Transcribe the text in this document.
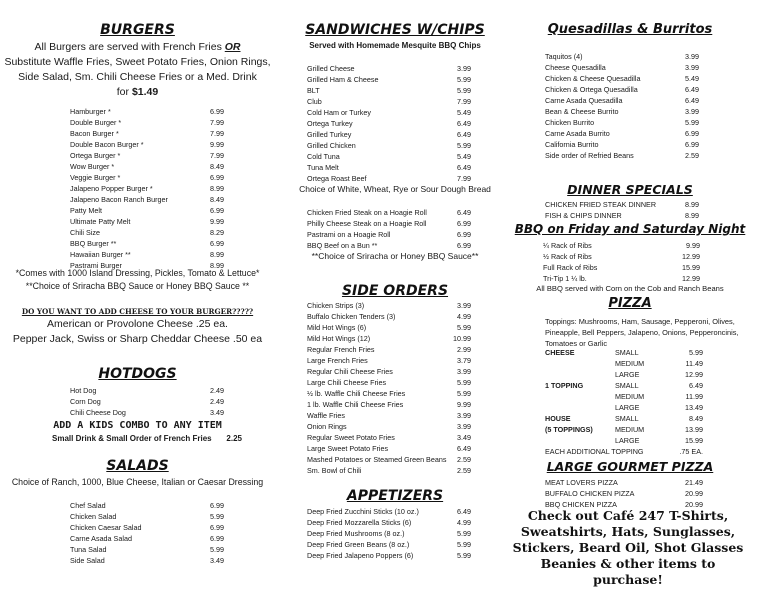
BURGERS
All Burgers are served with French Fries OR
Substitute Waffle Fries, Sweet Potato Fries, Onion Rings,
Side Salad, Sm. Chili Cheese Fries or a Med. Drink
for $1.49
Hamburger *	6.99
Double Burger *	7.99
Bacon Burger *	7.99
Double Bacon Burger *	9.99
Ortega Burger *	7.99
Wow Burger *	8.49
Veggie Burger *	6.99
Jalapeno Popper Burger *	8.99
Jalapeno Bacon Ranch Burger	8.49
Patty Melt	6.99
Ultimate Patty Melt	9.99
Chili Size	8.29
BBQ Burger **	6.99
Hawaiian Burger **	8.99
Pastrami Burger	8.99
*Comes with 1000 Island Dressing, Pickles, Tomato & Lettuce*
**Choice of Sriracha BBQ Sauce or Honey BBQ Sauce **
DO YOU WANT TO ADD CHEESE TO YOUR BURGER?????
American or Provolone Cheese .25 ea.
Pepper Jack, Swiss or Sharp Cheddar Cheese .50 ea
HOTDOGS
Hot Dog	2.49
Corn Dog	2.49
Chili Cheese Dog	3.49
ADD A KIDS COMBO TO ANY ITEM
Small Drink & Small Order of French Fries 2.25
SALADS
Choice of Ranch, 1000, Blue Cheese, Italian or Caesar Dressing
Chef Salad	6.99
Chicken Salad	5.99
Chicken Caesar Salad	6.99
Carne Asada Salad	6.99
Tuna Salad	5.99
Side Salad	3.49
SANDWICHES W/CHIPS
Served with Homemade Mesquite BBQ Chips
Grilled Cheese	3.99
Grilled Ham & Cheese	5.99
BLT	5.99
Club	7.99
Cold Ham or Turkey	5.49
Ortega Turkey	6.49
Grilled Turkey	6.49
Grilled Chicken	5.99
Cold Tuna	5.49
Tuna Melt	6.49
Ortega Roast Beef	7.99
Choice of White, Wheat, Rye or Sour Dough Bread
Chicken Fried Steak on a Hoagie Roll	6.49
Philly Cheese Steak on a Hoagie Roll	6.99
Pastrami on a Hoagie Roll	6.99
BBQ Beef on a Bun **	6.99
**Choice of Sriracha or Honey BBQ Sauce**
SIDE ORDERS
Chicken Strips (3)	3.99
Buffalo Chicken Tenders (3)	4.99
Mild Hot Wings (6)	5.99
Mild Hot Wings (12)	10.99
Regular French Fries	2.99
Large French Fries	3.79
Regular Chili Cheese Fries	3.99
Large Chili Cheese Fries	5.99
½ lb. Waffle Chili Cheese Fries	5.99
1 lb. Waffle Chili Cheese Fries	9.99
Waffle Fries	3.99
Onion Rings	3.99
Regular Sweet Potato Fries	3.49
Large Sweet Potato Fries	6.49
Mashed Potatoes or Steamed Green Beans 2.59
Sm. Bowl of Chili	2.59
APPETIZERS
Deep Fried Zucchini Sticks (10 oz.)	6.49
Deep Fried Mozzarella Sticks (6)	4.99
Deep Fried Mushrooms (8 oz.)	5.99
Deep Fried Green Beans (8 oz.)	5.99
Deep Fried Jalapeno Poppers (6)	5.99
Quesadillas & Burritos
Taquitos (4)	3.99
Cheese Quesadilla	3.99
Chicken & Cheese Quesadilla	5.49
Chicken & Ortega Quesadilla	6.49
Carne Asada Quesadilla	6.49
Bean & Cheese Burrito	3.99
Chicken Burrito	5.99
Carne Asada Burrito	6.99
California Burrito	6.99
Side order of Refried Beans	2.59
DINNER SPECIALS
CHICKEN FRIED STEAK DINNER	8.99
FISH & CHIPS DINNER	8.99
BBQ on Friday and Saturday Night
¼ Rack of Ribs	9.99
½ Rack of Ribs	12.99
Full Rack of Ribs	15.99
Tri-Tip 1 ¼ lb.	12.99
All BBQ served with Corn on the Cob and Ranch Beans
PIZZA
Toppings: Mushrooms, Ham, Sausage, Pepperoni, Olives,
Pineapple, Bell Peppers, Jalapeno, Onions, Pepperoncinis,
Tomatoes or Garlic
CHEESE	SMALL	5.99
MEDIUM	11.49
LARGE	12.99
1 TOPPING	SMALL	6.49
MEDIUM	11.99
LARGE	13.49
HOUSE
(5 TOPPINGS)
SMALL	8.49
MEDIUM	13.99
LARGE	15.99
EACH ADDITIONAL TOPPING	.75 EA.
LARGE GOURMET PIZZA
MEAT LOVERS PIZZA	21.49
BUFFALO CHICKEN PIZZA	20.99
BBQ CHICKEN PIZZA	20.99
Check out Café 247 T-Shirts,
Sweatshirts, Hats, Sunglasses,
Stickers, Beard Oil, Shot Glasses
Beanies & other items to purchase!
